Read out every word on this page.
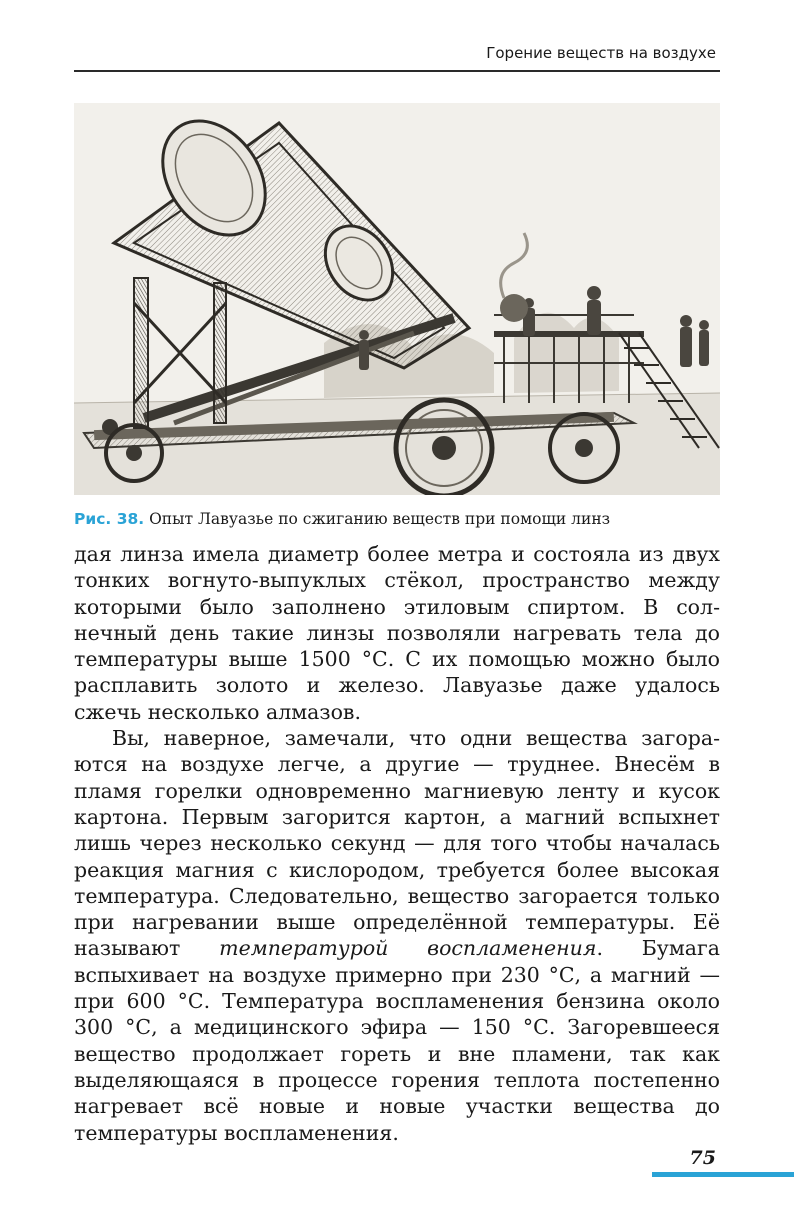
Горение веществ на воздухе
Рис. 38. Опыт Лавуазье по сжиганию веществ при помощи линз

дая линза имела диаметр более метра и состояла из двух тонких вогнуто-выпуклых стёкол, пространство между которыми было заполнено этиловым спиртом. В солнечный день такие линзы позволяли нагревать тела до температуры выше 1500 °С. С их помощью можно было расплавить золото и железо. Лавуазье даже удалось сжечь несколько алмазов.

Вы, наверное, замечали, что одни вещества загораются на воздухе легче, а другие — труднее. Внесём в пламя горелки одновременно магниевую ленту и кусок картона. Первым загорится картон, а магний вспыхнет лишь через несколько секунд — для того чтобы началась реакция магния с кислородом, требуется более высокая температура. Следовательно, вещество загорается только при нагревании выше определённой температуры. Её называют температурой воспламенения. Бумага вспыхивает на воздухе примерно при 230 °С, а магний — при 600 °С. Температура воспламенения бензина около 300 °С, а медицинского эфира — 150 °С. Загоревшееся вещество продолжает гореть и вне пламени, так как выделяющаяся в процессе горения теплота постепенно нагревает всё новые и новые участки вещества до температуры воспламенения.

75
